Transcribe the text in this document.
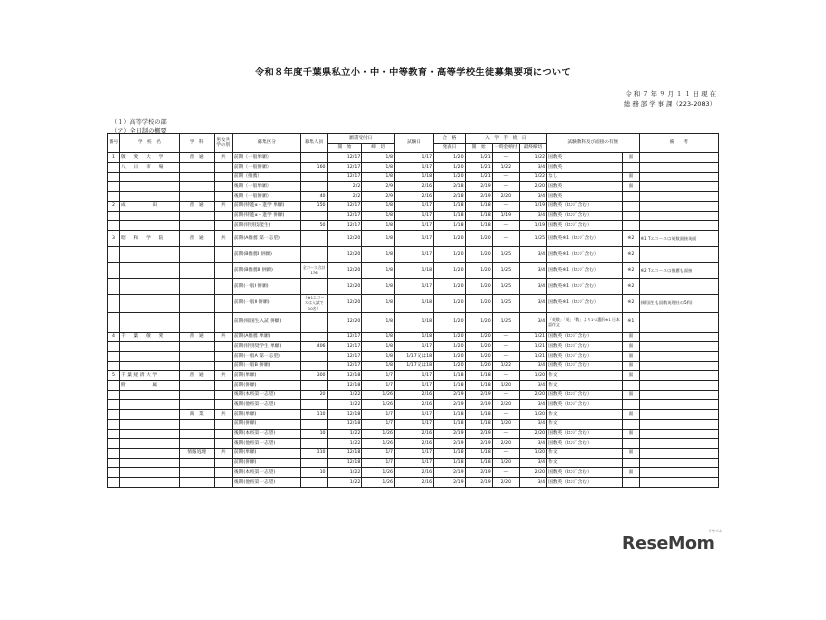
令和８年度千葉県私立小・中・中等教育・高等学校生徒募集要項について
令 和 ７ 年 ９ 月 １ １ 日 現 在
総 務 部 学 事 課（223-2083）
（１）高等学校の部
（ア）全日制の概要
番号	学　校　名	学　科	男女共学の別	募集区分	募集人員	願書受付日		試験日	合　格	入　学　手　続　日			試験教科及び面接の有無		備　　考
						開　始	締　切		発表日	開　始	一時金納付	最終締切			
1	敬　愛　大　学	普　通	共	前期（一般単願）		12/17	1/8	1/17	1/20	1/21	—	1/22	国数英	面	
	八　日　市　場			前期（一般併願）	160	12/17	1/8	1/17	1/20	1/21	1/22	3/4	国数英		
				前期（推薦）		12/17	1/8	1/18	1/20	1/21	—	1/22	なし	面	
				後期（一般単願）		2/2	2/9	2/16	2/18	2/19	—	2/20	国数英	面	
				後期（一般併願）	40	2/2	2/9	2/16	2/18	2/19	2/20	3/4	国数英		
2	成　　　　田	普　通	共	前期(特進α・進学 単願)	150	12/17	1/8	1/17	1/18	1/18	—	1/19	国数英（Iｴﾝｼﾞ含む）		
				前期(特進α・進学 併願)		12/17	1/8	1/17	1/18	1/18	1/19	3/4	国数英（Iｴﾝｼﾞ含む）		
				前期(特別技能生)	50	12/17	1/8	1/17	1/18	1/18	—	1/19	国数英（Iｴﾝｼﾞ含む）		
3	昭　和　学　院	普　通	共	前期(A推薦 第一志望)		12/20	1/8	1/17	1/20	1/20	—	1/25	国数英※1（Iｴﾝｼﾞ含む）	※2	※1 Tエコースは英数面接英面
				前期(B推薦Ⅰ 併願)		12/20	1/8	1/17	1/20	1/20	1/25	3/4	国数英※1（Iｴﾝｼﾞ含む）	※2	
				前期(B推薦Ⅱ 併願)	全コース合計 176	12/20	1/8	1/18	1/20	1/20	1/25	3/4	国数英※1（Iｴﾝｼﾞ含む）	※2	※2 Tエコースは推薦も面接
				前期(一般Ⅰ 併願)		12/20	1/8	1/17	1/20	1/20	1/25	3/4	国数英※1（Iｴﾝｼﾞ含む）	※2	
				前期(一般Ⅱ 併願)	（※1エコースは入試で10名）	12/20	1/8	1/18	1/20	1/20	1/25	3/4	国数英※1（Iｴﾝｼﾞ含む）	※2	(帰国生も国数英理社の5科)
				前期(帰国生入試 併願)		12/20	1/8	1/18	1/20	1/20	1/25	3/4	「英数」「英」「数」より1つ選択※1 日本語作文	※1	
4	千　葉　敬　愛	普　通	共	前期(A推薦 単願)		12/17	1/8	1/18	1/20	1/20	—	1/21	国数英（Iｴﾝｼﾞ含む）	面	
				前期(特別奨学生 単願)	406	12/17	1/8	1/17	1/20	1/20	—	1/21	国数英（Iｴﾝｼﾞ含む）	面	
				前期(一般A 第一志望)		12/17	1/8	1/17又は18	1/20	1/20	—	1/21	国数英（Iｴﾝｼﾞ含む）	面	
				前期(一般B 併願)		12/17	1/8	1/17又は18	1/20	1/20	1/22	3/4	国数英（Iｴﾝｼﾞ含む）	面	
5	千葉経済大学	普　通	共	前期(単願)	300	12/18	1/7	1/17	1/18	1/18	—	1/20	作文	面	
	附　　　　属			前期(併願)		12/18	1/7	1/17	1/18	1/18	1/20	3/4	作文		
				後期(本校第一志望)	20	1/22	1/26	2/16	2/19	2/19	—	2/20	国数英（Iｴﾝｼﾞ含む）	面	
				後期(他校第一志望)		1/22	1/26	2/16	2/19	2/19	2/20	3/4	国数英（Iｴﾝｼﾞ含む）		
		商　業	共	前期(単願)	110	12/18	1/7	1/17	1/18	1/18	—	1/20	作文	面	
				前期(併願)		12/18	1/7	1/17	1/18	1/18	1/20	3/4	作文		
				後期(本校第一志望)	10	1/22	1/26	2/16	2/19	2/19	—	2/20	国数英（Iｴﾝｼﾞ含む）	面	
				後期(他校第一志望)		1/22	1/26	2/16	2/19	2/19	2/20	3/4	国数英（Iｴﾝｼﾞ含む）		
		情報処理	共	前期(単願)	110	12/18	1/7	1/17	1/18	1/18	—	1/20	作文	面	
				前期(併願)		12/18	1/7	1/17	1/18	1/18	1/20	3/4	作文		
				後期(本校第一志望)	10	1/22	1/26	2/16	2/19	2/19	—	2/20	国数英（Iｴﾝｼﾞ含む）	面	
				後期(他校第一志望)		1/22	1/26	2/16	2/19	2/19	2/20	3/4	国数英（Iｴﾝｼﾞ含む）		
ReseMom
リセマム
